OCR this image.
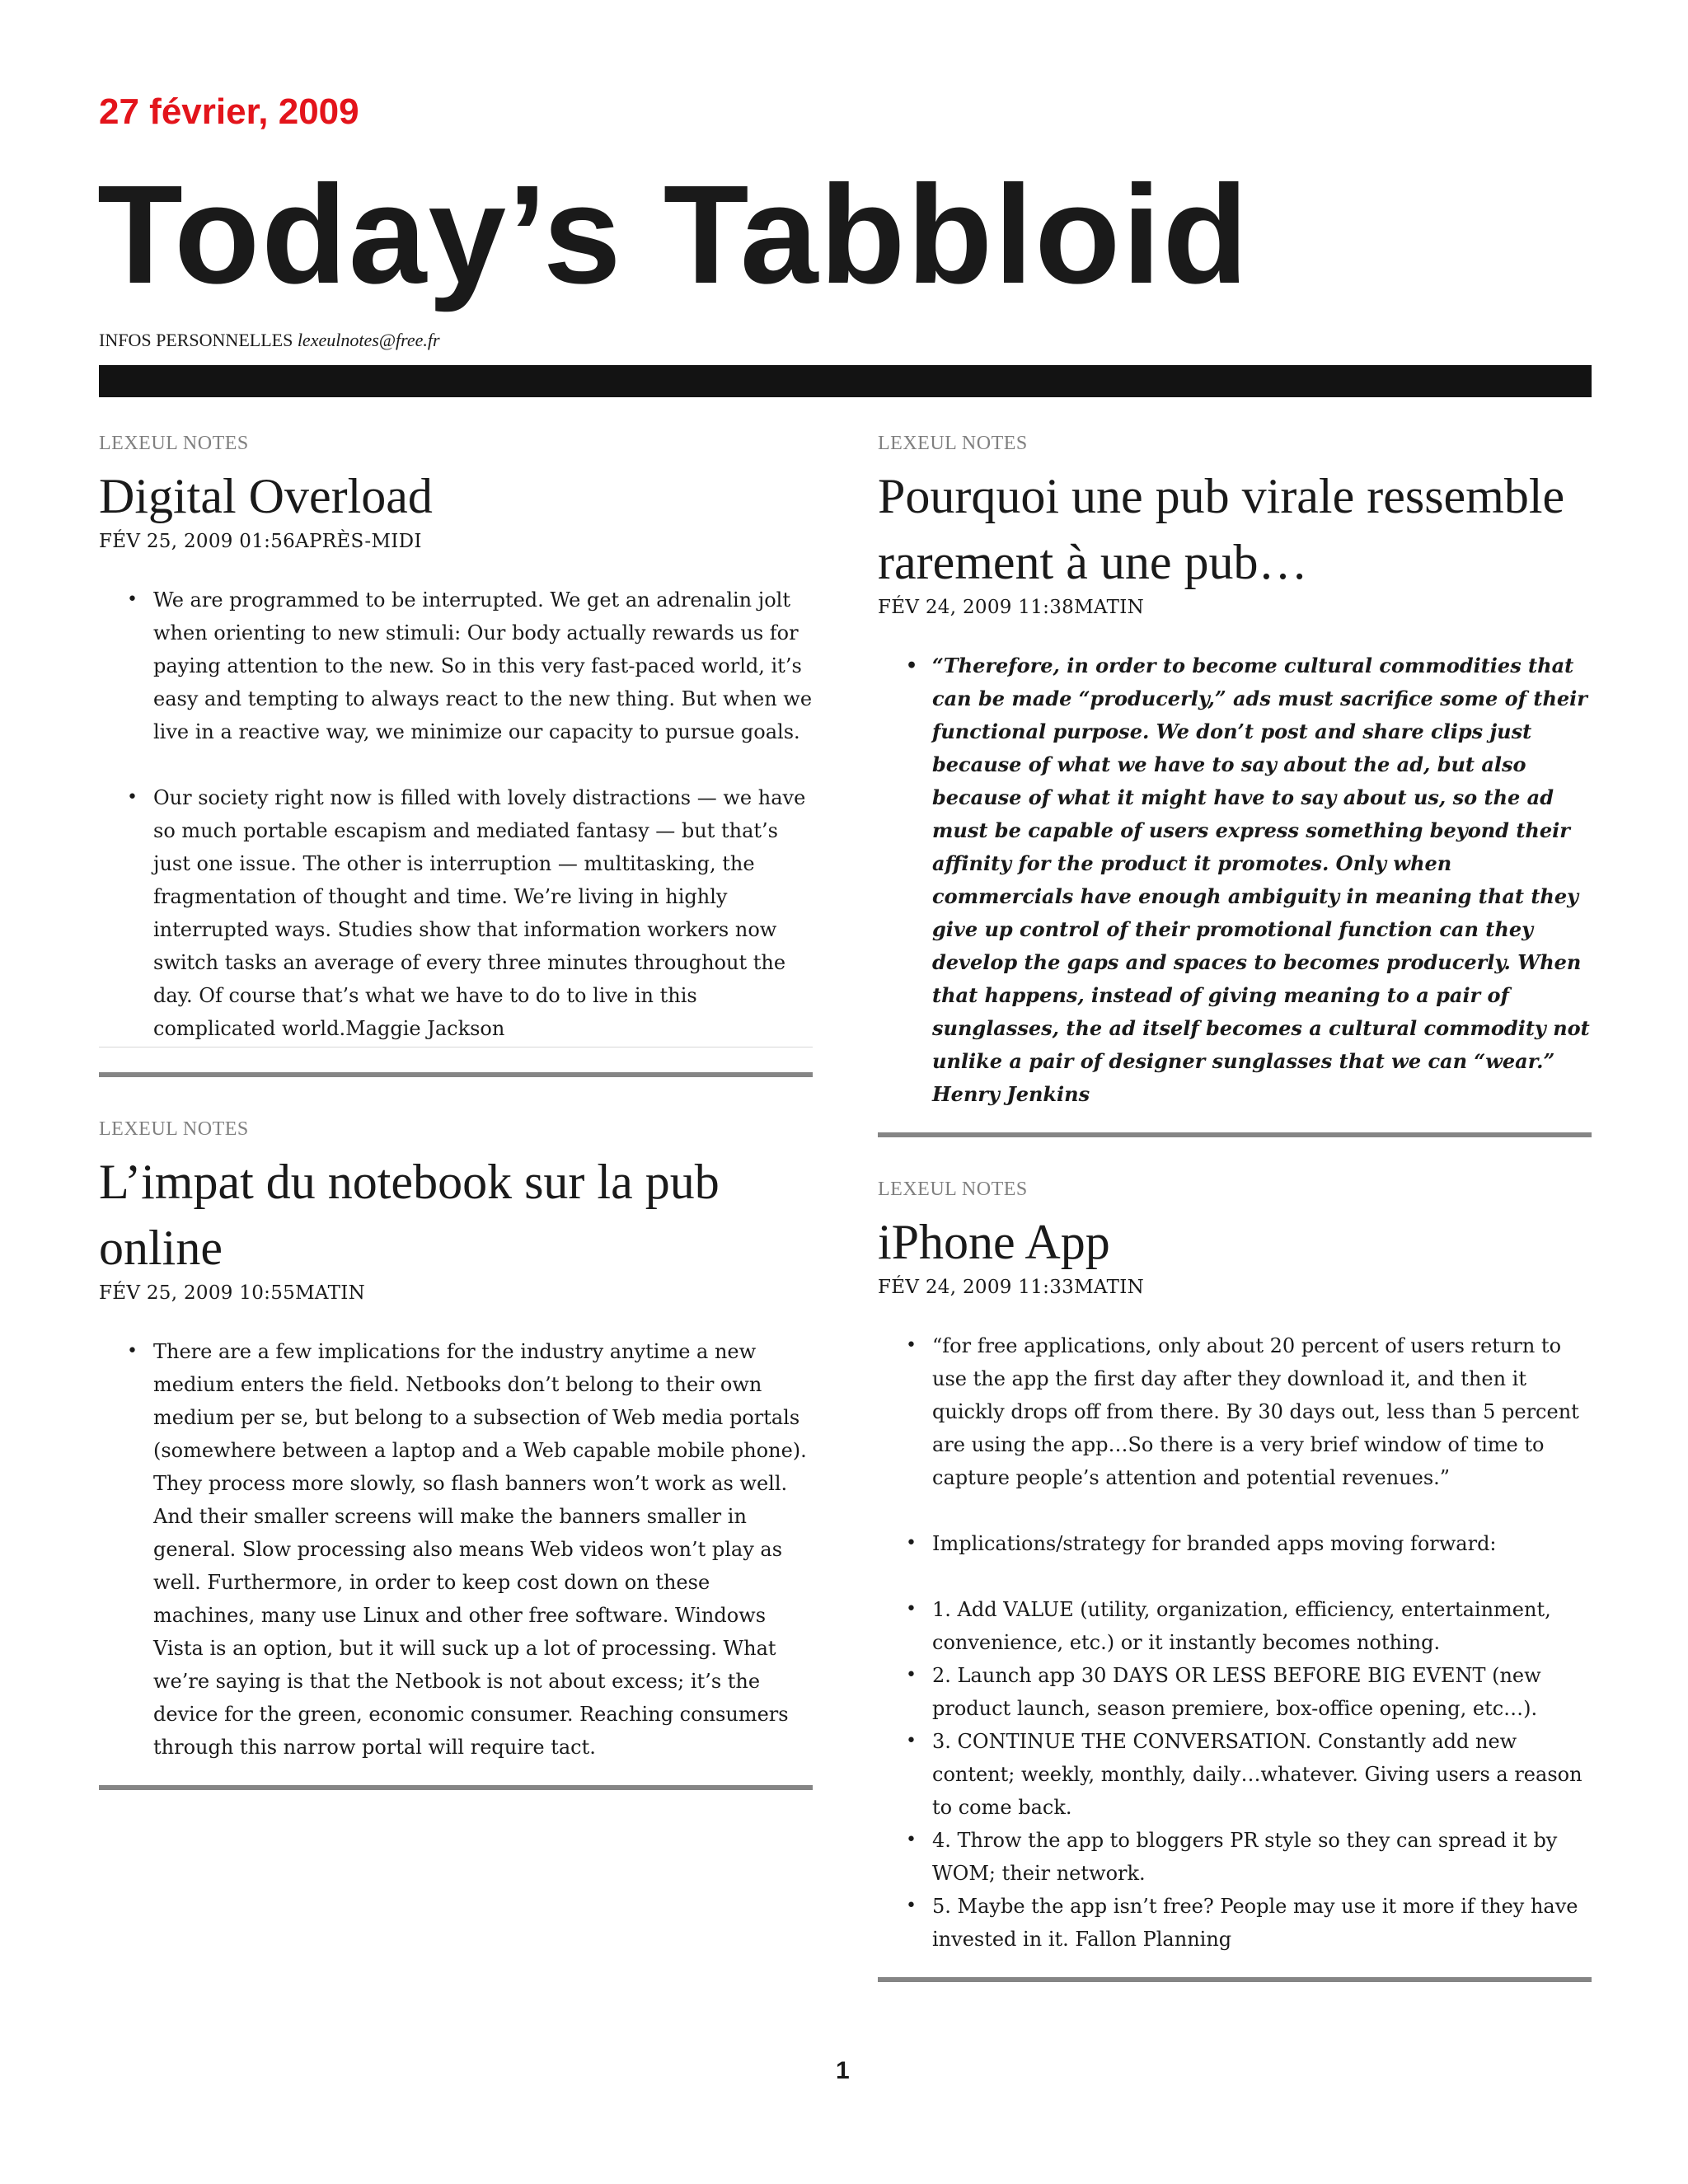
27 février, 2009
Today’s Tabbloid
INFOS PERSONNELLES lexeulnotes@free.fr
LEXEUL NOTES
Digital Overload
FÉV 25, 2009 01:56APRÈS-MIDI
• We are programmed to be interrupted. We get an adrenalin jolt when orienting to new stimuli: Our body actually rewards us for paying attention to the new. So in this very fast-paced world, it’s easy and tempting to always react to the new thing. But when we live in a reactive way, we minimize our capacity to pursue goals.
• Our society right now is filled with lovely distractions — we have so much portable escapism and mediated fantasy — but that’s just one issue. The other is interruption — multitasking, the fragmentation of thought and time. We’re living in highly interrupted ways. Studies show that information workers now switch tasks an average of every three minutes throughout the day. Of course that’s what we have to do to live in this complicated world.Maggie Jackson
LEXEUL NOTES
L’impat du notebook sur la pub online
FÉV 25, 2009 10:55MATIN
• There are a few implications for the industry anytime a new medium enters the field. Netbooks don’t belong to their own medium per se, but belong to a subsection of Web media portals (somewhere between a laptop and a Web capable mobile phone). They process more slowly, so flash banners won’t work as well. And their smaller screens will make the banners smaller in general. Slow processing also means Web videos won’t play as well. Furthermore, in order to keep cost down on these machines, many use Linux and other free software. Windows Vista is an option, but it will suck up a lot of processing. What we’re saying is that the Netbook is not about excess; it’s the device for the green, economic consumer. Reaching consumers through this narrow portal will require tact.
LEXEUL NOTES
Pourquoi une pub virale ressemble rarement à une pub…
FÉV 24, 2009 11:38MATIN
• “Therefore, in order to become cultural commodities that can be made “producerly,” ads must sacrifice some of their functional purpose. We don’t post and share clips just because of what we have to say about the ad, but also because of what it might have to say about us, so the ad must be capable of users express something beyond their affinity for the product it promotes. Only when commercials have enough ambiguity in meaning that they give up control of their promotional function can they develop the gaps and spaces to becomes producerly. When that happens, instead of giving meaning to a pair of sunglasses, the ad itself becomes a cultural commodity not unlike a pair of designer sunglasses that we can “wear.” Henry Jenkins
LEXEUL NOTES
iPhone App
FÉV 24, 2009 11:33MATIN
• “for free applications, only about 20 percent of users return to use the app the first day after they download it, and then it quickly drops off from there. By 30 days out, less than 5 percent are using the app…So there is a very brief window of time to capture people’s attention and potential revenues.”
• Implications/strategy for branded apps moving forward:
• 1. Add VALUE (utility, organization, efficiency, entertainment, convenience, etc.) or it instantly becomes nothing.
• 2. Launch app 30 DAYS OR LESS BEFORE BIG EVENT (new product launch, season premiere, box-office opening, etc…).
• 3. CONTINUE THE CONVERSATION. Constantly add new content; weekly, monthly, daily…whatever. Giving users a reason to come back.
• 4. Throw the app to bloggers PR style so they can spread it by WOM; their network.
• 5. Maybe the app isn’t free? People may use it more if they have invested in it. Fallon Planning
1
